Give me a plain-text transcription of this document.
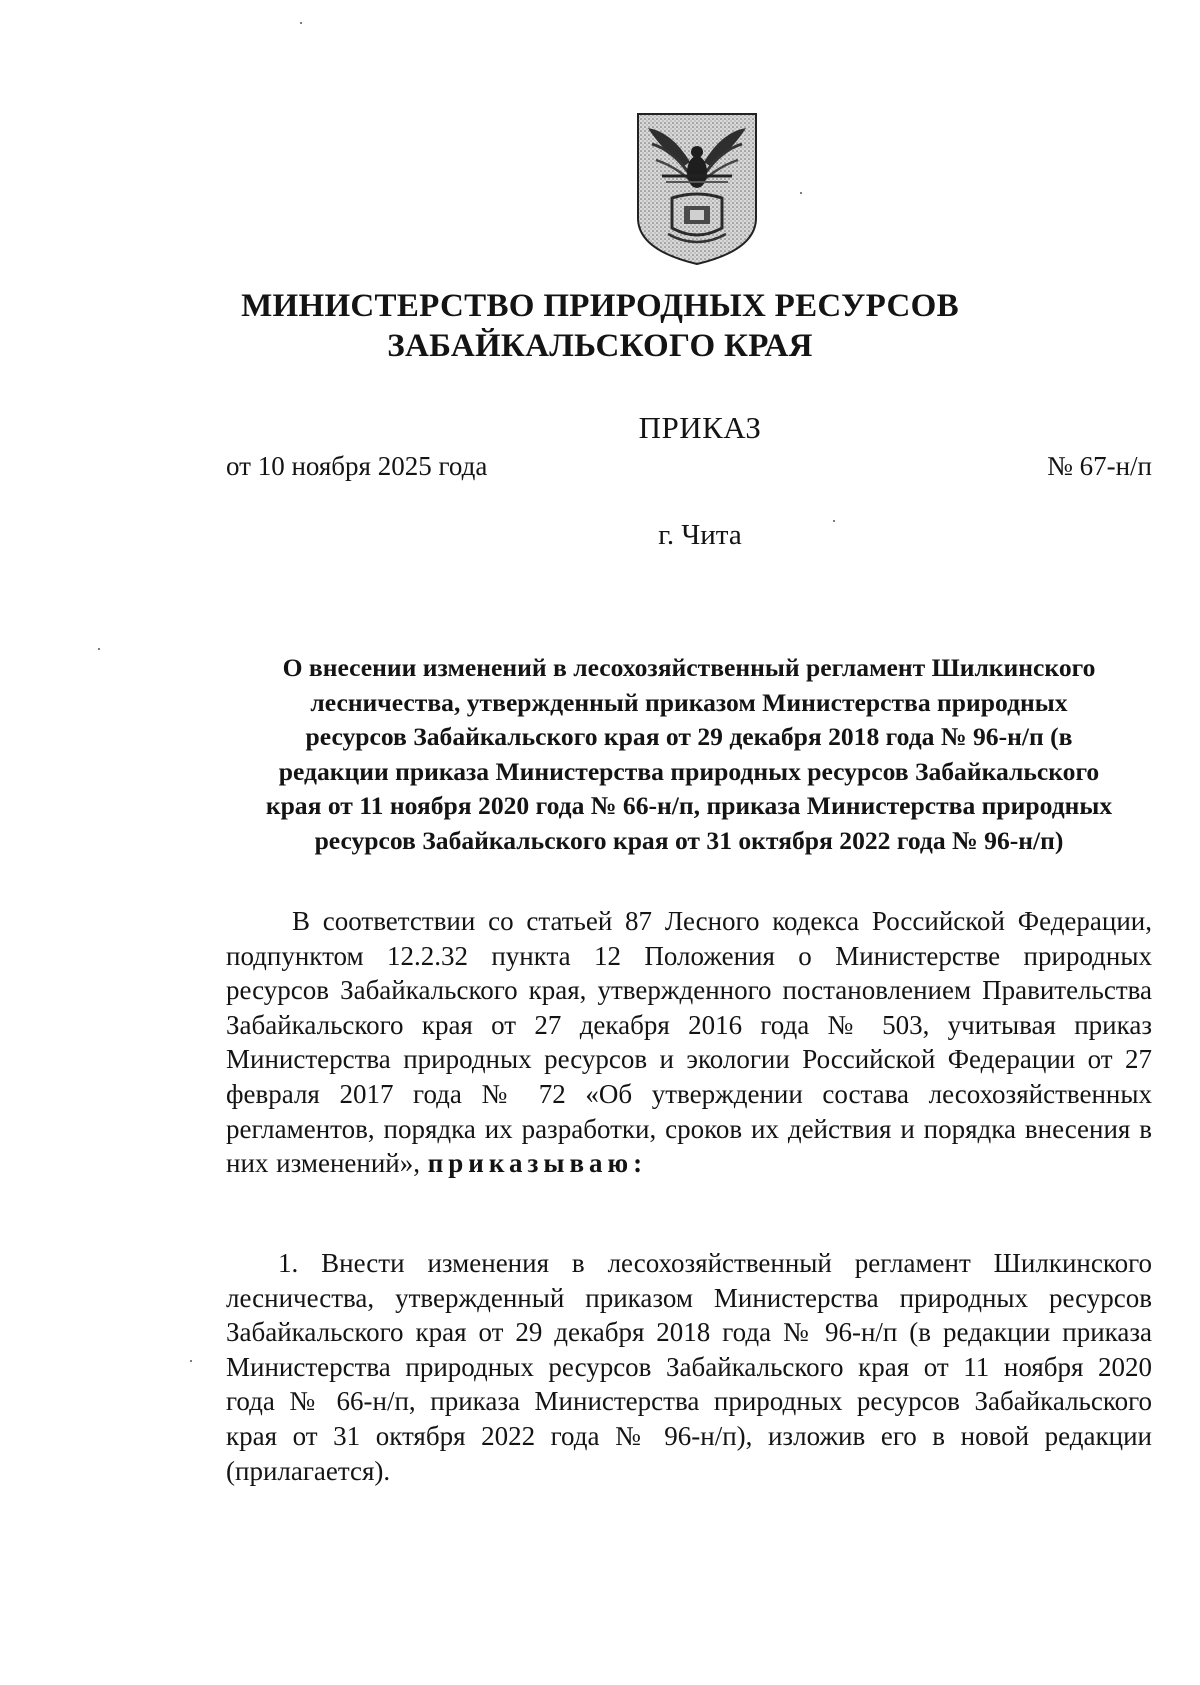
МИНИСТЕРСТВО ПРИРОДНЫХ РЕСУРСОВ
ЗАБАЙКАЛЬСКОГО КРАЯ
ПРИКАЗ
от 10 ноября 2025 года	№ 67-н/п
г. Чита
О внесении изменений в лесохозяйственный регламент Шилкинского
лесничества, утвержденный приказом Министерства природных
ресурсов Забайкальского края от 29 декабря 2018 года № 96-н/п (в
редакции приказа Министерства природных ресурсов Забайкальского
края от 11 ноября 2020 года № 66-н/п, приказа Министерства природных
ресурсов Забайкальского края от 31 октября 2022 года № 96-н/п)
В соответствии со статьей 87 Лесного кодекса Российской Федерации, подпунктом 12.2.32 пункта 12 Положения о Министерстве природных ресурсов Забайкальского края, утвержденного постановлением Правительства Забайкальского края от 27 декабря 2016 года № 503, учитывая приказ Министерства природных ресурсов и экологии Российской Федерации от 27 февраля 2017 года № 72 «Об утверждении состава лесохозяйственных регламентов, порядка их разработки, сроков их действия и порядка внесения в них изменений», приказываю:
1. Внести изменения в лесохозяйственный регламент Шилкинского лесничества, утвержденный приказом Министерства природных ресурсов Забайкальского края от 29 декабря 2018 года № 96-н/п (в редакции приказа Министерства природных ресурсов Забайкальского края от 11 ноября 2020 года № 66-н/п, приказа Министерства природных ресурсов Забайкальского края от 31 октября 2022 года № 96-н/п), изложив его в новой редакции (прилагается).
